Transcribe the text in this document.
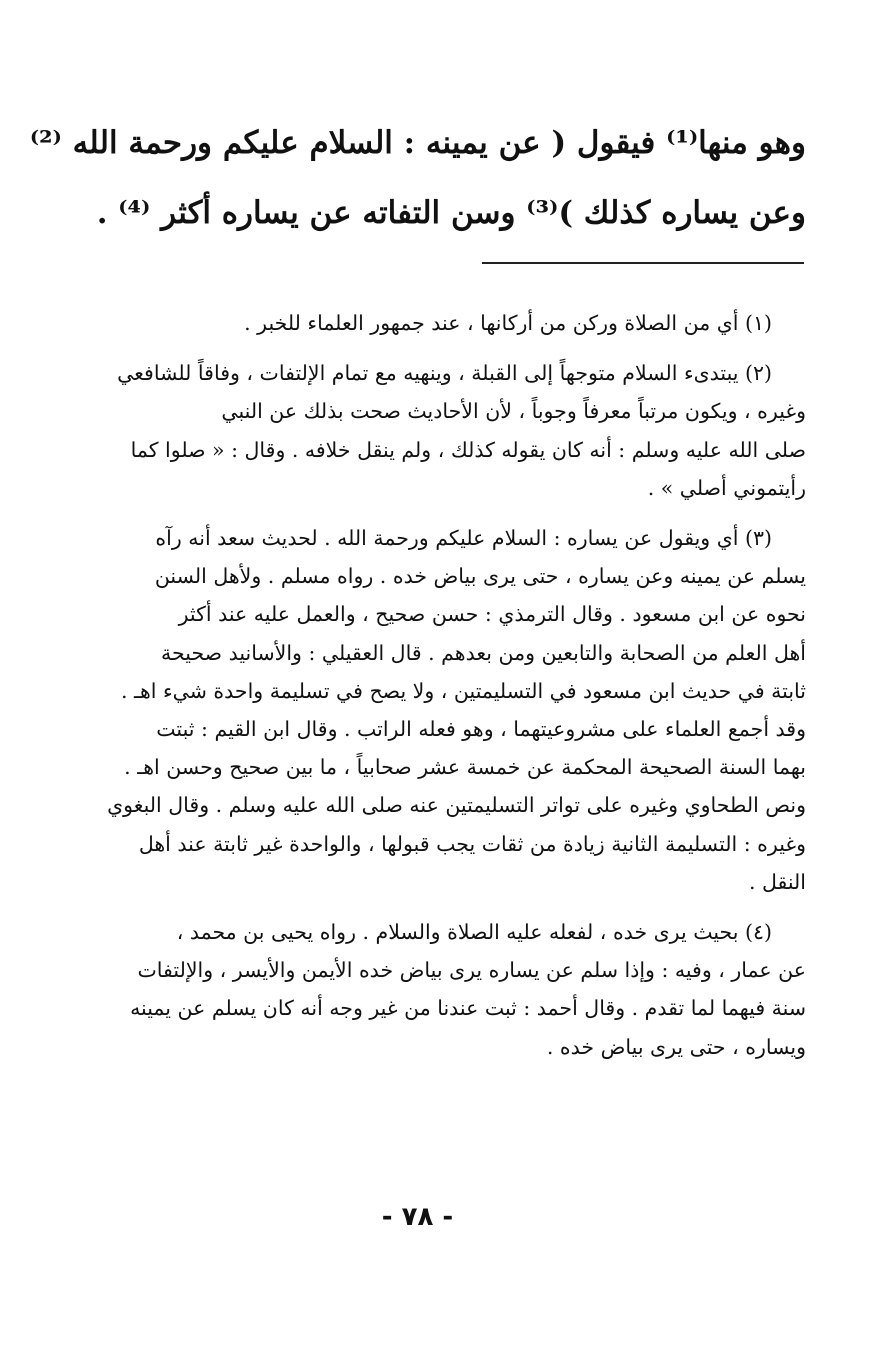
وهو منها⁽¹⁾ فيقول ( عن يمينه : السلام عليكم ورحمة الله ⁽²⁾
وعن يساره كذلك )⁽³⁾ وسن التفاته عن يساره أكثر ⁽⁴⁾ .
(١) أي من الصلاة وركن من أركانها ، عند جمهور العلماء للخبر .
(٢) يبتدىء السلام متوجهاً إلى القبلة ، وينهيه مع تمام الإلتفات ، وفاقاً للشافعي
وغيره ، ويكون مرتباً معرفاً وجوباً ، لأن الأحاديث صحت بذلك عن النبي
صلى الله عليه وسلم : أنه كان يقوله كذلك ، ولم ينقل خلافه . وقال : « صلوا كما
رأيتموني أصلي » .
(٣) أي ويقول عن يساره : السلام عليكم ورحمة الله . لحديث سعد أنه رآه
يسلم عن يمينه وعن يساره ، حتى يرى بياض خده . رواه مسلم . ولأهل السنن
نحوه عن ابن مسعود . وقال الترمذي : حسن صحيح ، والعمل عليه عند أكثر
أهل العلم من الصحابة والتابعين ومن بعدهم . قال العقيلي : والأسانيد صحيحة
ثابتة في حديث ابن مسعود في التسليمتين ، ولا يصح في تسليمة واحدة شيء اهـ .
وقد أجمع العلماء على مشروعيتهما ، وهو فعله الراتب . وقال ابن القيم : ثبتت
بهما السنة الصحيحة المحكمة عن خمسة عشر صحابياً ، ما بين صحيح وحسن اهـ .
ونص الطحاوي وغيره على تواتر التسليمتين عنه صلى الله عليه وسلم . وقال البغوي
وغيره : التسليمة الثانية زيادة من ثقات يجب قبولها ، والواحدة غير ثابتة عند أهل
النقل .
(٤) بحيث يرى خده ، لفعله عليه الصلاة والسلام . رواه يحيى بن محمد ،
عن عمار ، وفيه : وإذا سلم عن يساره يرى بياض خده الأيمن والأيسر ، والإلتفات
سنة فيهما لما تقدم . وقال أحمد : ثبت عندنا من غير وجه أنه كان يسلم عن يمينه
ويساره ، حتى يرى بياض خده .
- ٧٨ -
